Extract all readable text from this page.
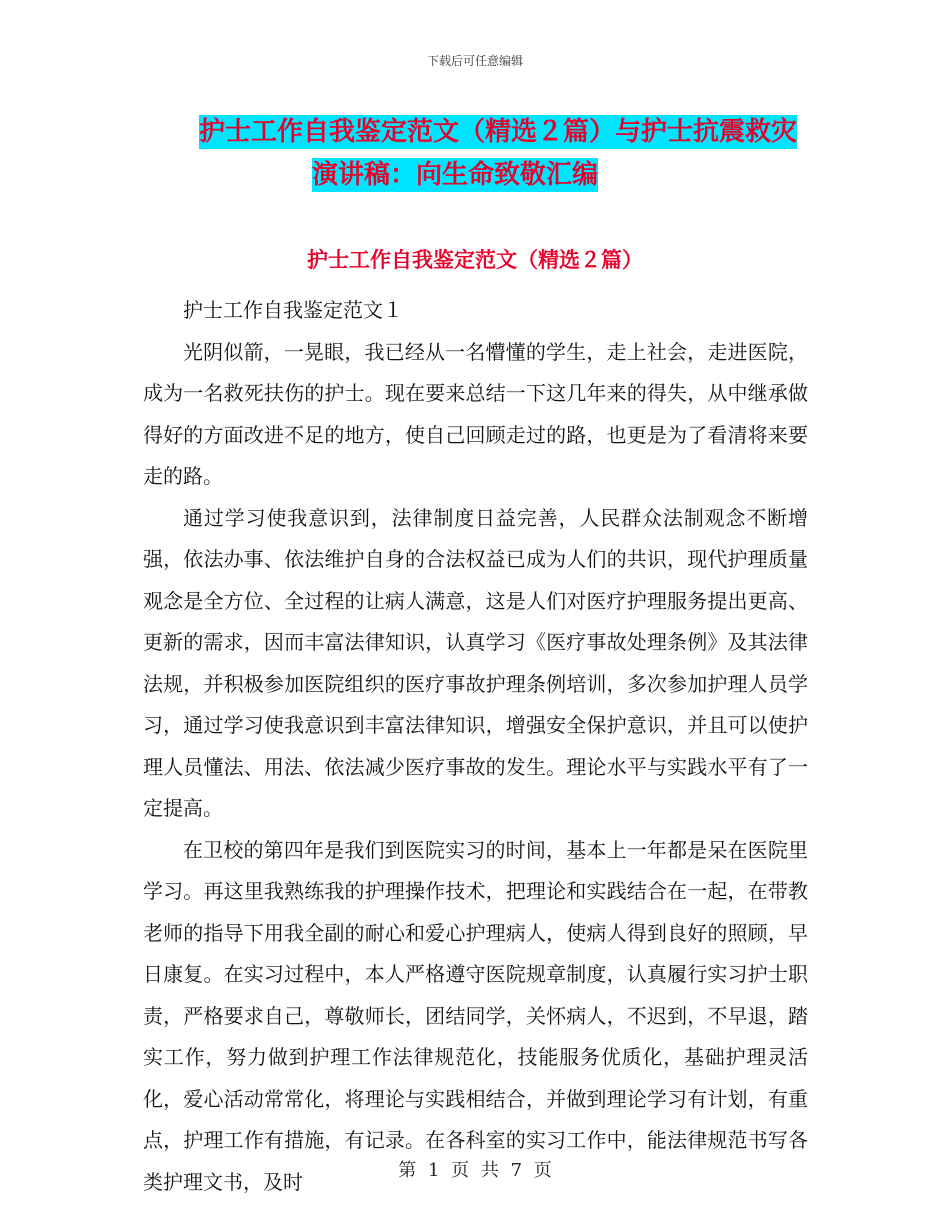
下载后可任意编辑
护士工作自我鉴定范文（精选２篇）与护士抗震救灾
演讲稿：向生命致敬汇编
护士工作自我鉴定范文（精选２篇）

护士工作自我鉴定范文１

光阴似箭，一晃眼，我已经从一名懵懂的学生，走上社会，走进医院，成为一名救死扶伤的护士。现在要来总结一下这几年来的得失，从中继承做得好的方面改进不足的地方，使自己回顾走过的路，也更是为了看清将来要走的路。

通过学习使我意识到，法律制度日益完善，人民群众法制观念不断增强，依法办事、依法维护自身的合法权益已成为人们的共识，现代护理质量观念是全方位、全过程的让病人满意，这是人们对医疗护理服务提出更高、更新的需求，因而丰富法律知识，认真学习《医疗事故处理条例》及其法律法规，并积极参加医院组织的医疗事故护理条例培训，多次参加护理人员学习，通过学习使我意识到丰富法律知识，增强安全保护意识，并且可以使护理人员懂法、用法、依法减少医疗事故的发生。理论水平与实践水平有了一定提高。

在卫校的第四年是我们到医院实习的时间，基本上一年都是呆在医院里学习。再这里我熟练我的护理操作技术，把理论和实践结合在一起，在带教老师的指导下用我全副的耐心和爱心护理病人，使病人得到良好的照顾，早日康复。在实习过程中，本人严格遵守医院规章制度，认真履行实习护士职责，严格要求自己，尊敬师长，团结同学，关怀病人，不迟到，不早退，踏实工作，努力做到护理工作法律规范化，技能服务优质化，基础护理灵活化，爱心活动常常化，将理论与实践相结合，并做到理论学习有计划，有重点，护理工作有措施，有记录。在各科室的实习工作中，能法律规范书写各类护理文书，及时	第 1 页 共 7 页
